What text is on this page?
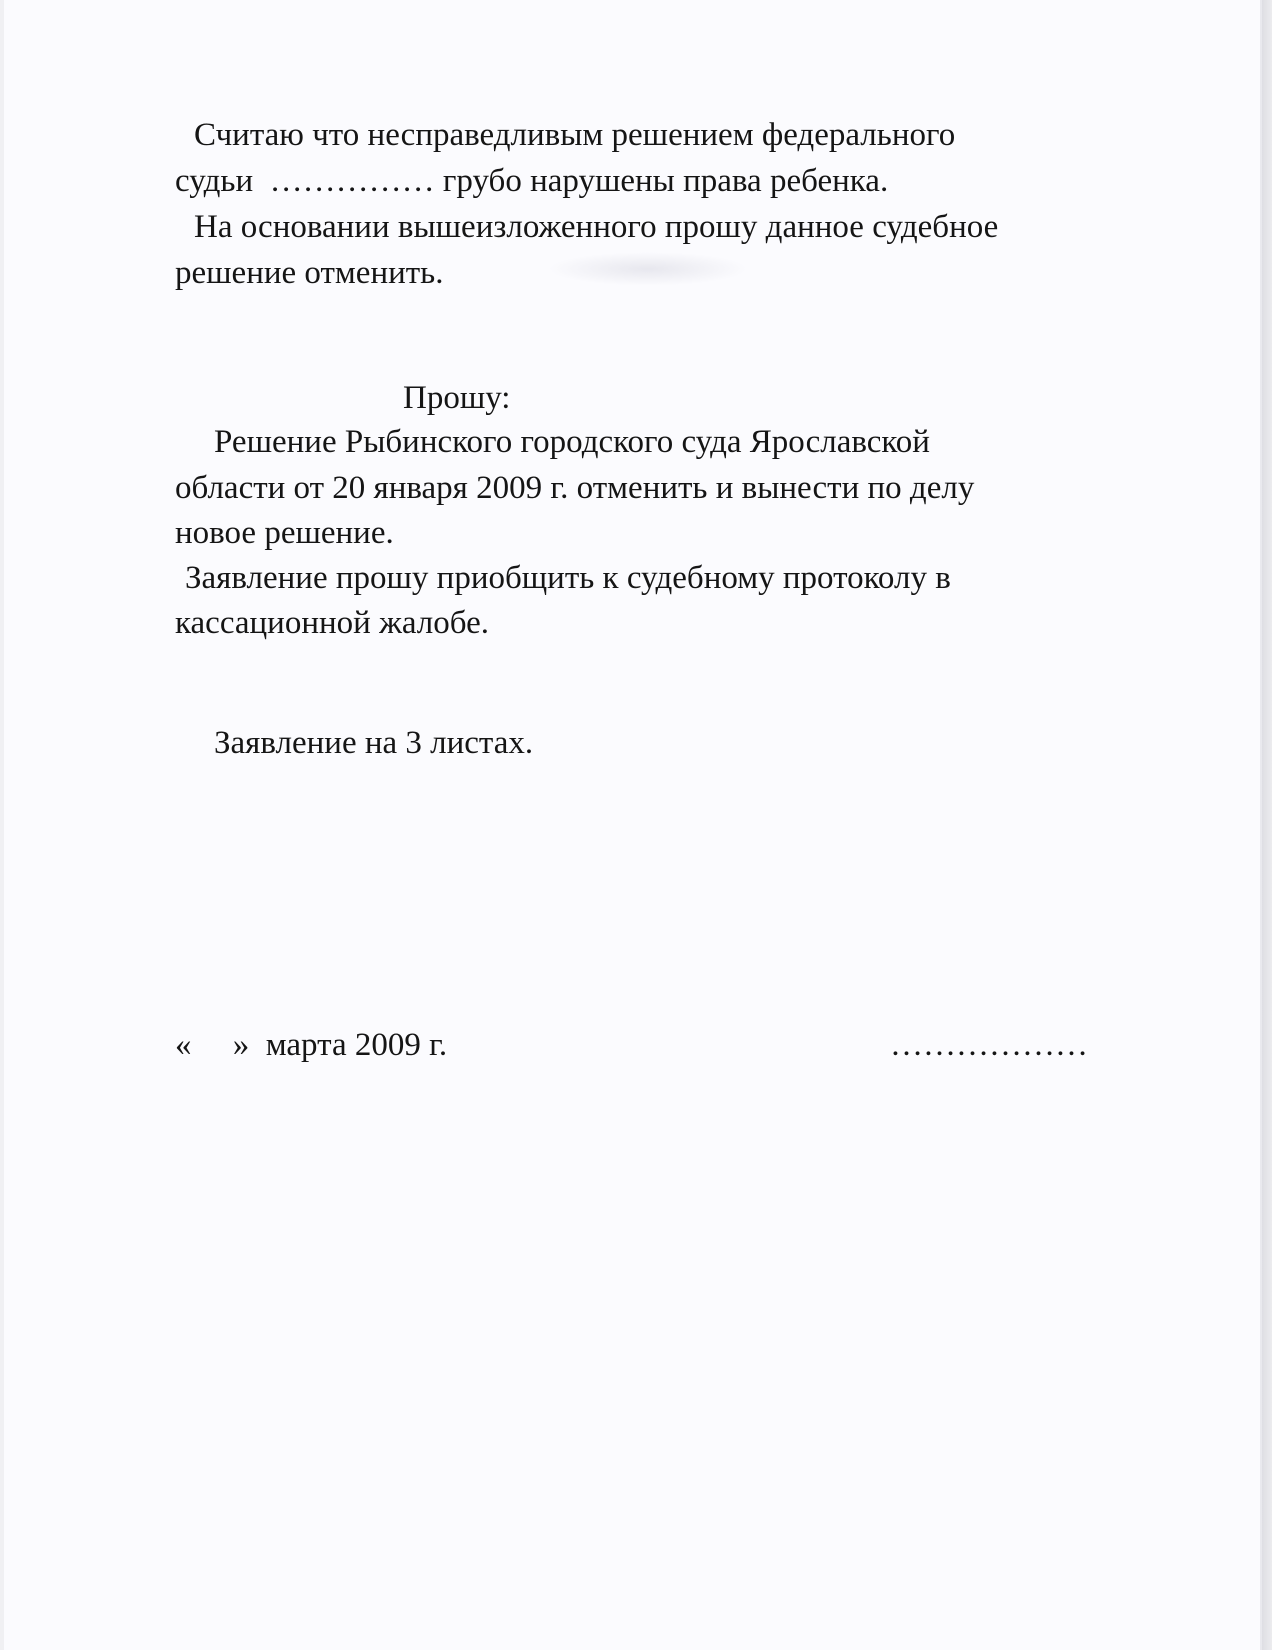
Считаю что несправедливым решением федерального

судьи  …………… грубо нарушены права ребенка.

На основании вышеизложенного прошу данное судебное

решение отменить.

Прошу:

Решение Рыбинского городского суда Ярославской

области от 20 января 2009 г. отменить и вынести по делу

новое решение.

Заявление прошу приобщить к судебному протоколу в

кассационной жалобе.

Заявление на 3 листах.

«     »  марта 2009 г.	………………
